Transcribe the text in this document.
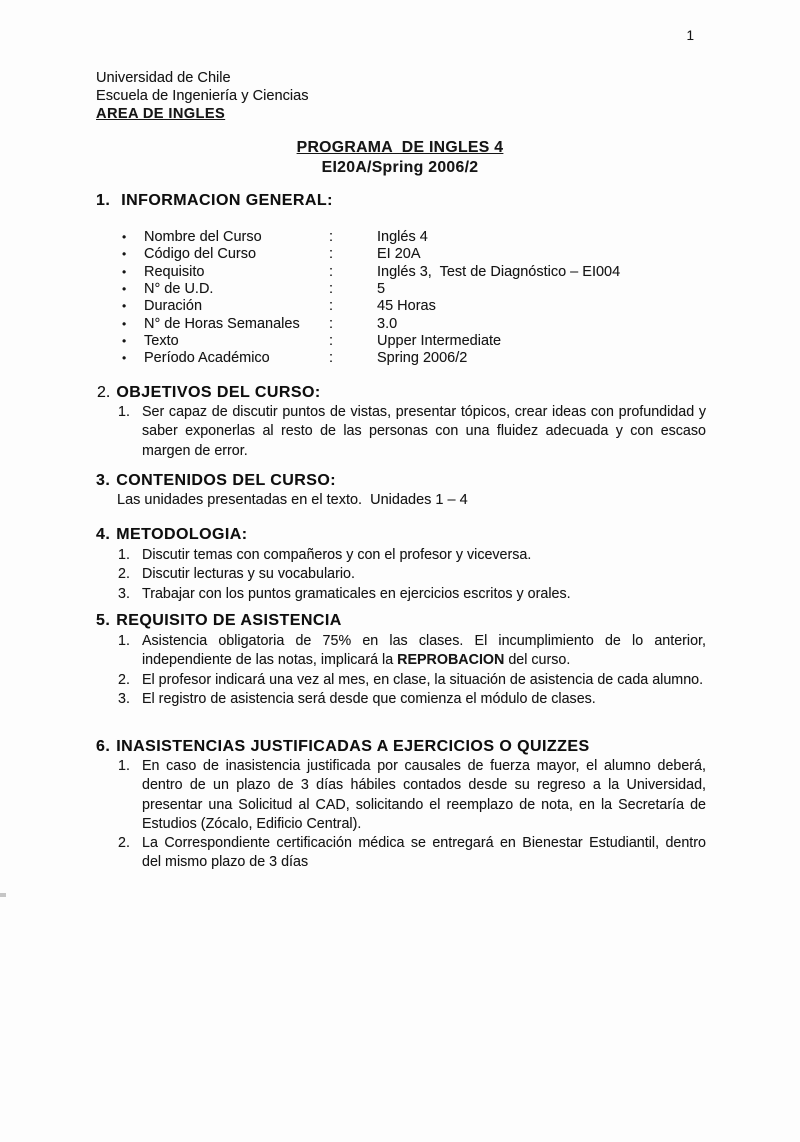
1
Universidad de Chile
Escuela de Ingeniería y Ciencias
AREA DE INGLES
PROGRAMA  DE INGLES 4
EI20A/Spring 2006/2
1. INFORMACION GENERAL:
• Nombre del Curso	:	Inglés 4
• Código del Curso	:	EI 20A
• Requisito	:	Inglés 3,  Test de Diagnóstico – EI004
• N° de U.D.	:	5
• Duración	:	45 Horas
• N° de Horas Semanales :	3.0
• Texto	:	Upper Intermediate
• Período Académico	:	Spring 2006/2
2. OBJETIVOS DEL CURSO:
1. Ser capaz de discutir puntos de vistas, presentar tópicos, crear ideas con profundidad y saber exponerlas al resto de las personas con una fluidez adecuada y con escaso margen de error.
3. CONTENIDOS DEL CURSO:
Las unidades presentadas en el texto.  Unidades 1 – 4
4. METODOLOGIA:
1. Discutir temas con compañeros y con el profesor y viceversa.
2. Discutir lecturas y su vocabulario.
3. Trabajar con los puntos gramaticales en ejercicios escritos y orales.
5. REQUISITO DE ASISTENCIA
1. Asistencia obligatoria de 75% en las clases. El incumplimiento de lo anterior, independiente de las notas, implicará la REPROBACION del curso.
2. El profesor indicará una vez al mes, en clase, la situación de asistencia de cada alumno.
3. El registro de asistencia será desde que comienza el módulo de clases.
6. INASISTENCIAS JUSTIFICADAS A EJERCICIOS O QUIZZES
1. En caso de inasistencia justificada por causales de fuerza mayor, el alumno deberá, dentro de un plazo de 3 días hábiles contados desde su regreso a la Universidad, presentar una Solicitud al CAD, solicitando el reemplazo de nota, en la Secretaría de Estudios (Zócalo, Edificio Central).
2. La Correspondiente certificación médica se entregará en Bienestar Estudiantil, dentro del mismo plazo de 3 días
